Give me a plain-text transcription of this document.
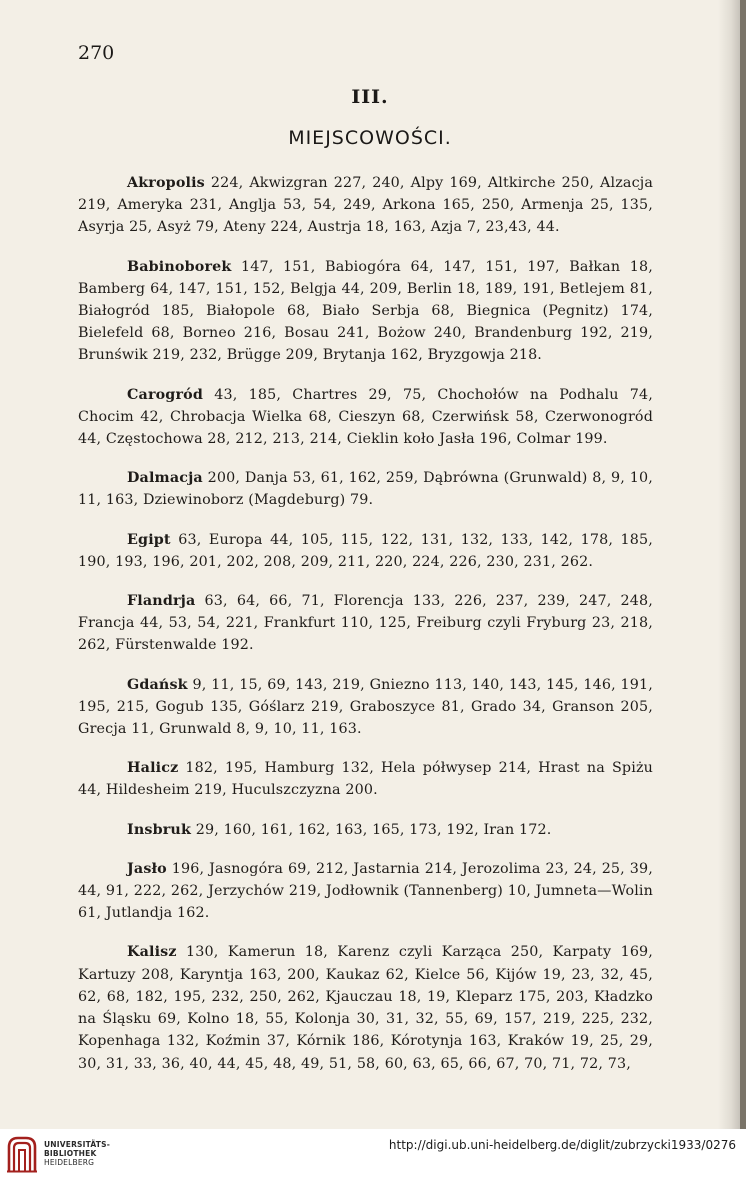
270
III.
MIEJSCOWOŚCI.

Akropolis 224, Akwizgran 227, 240, Alpy 169, Altkirche 250, Alzacja 219, Ameryka 231, Anglja 53, 54, 249, Arkona 165, 250, Armenja 25, 135, Asyrja 25, Asyż 79, Ateny 224, Austrja 18, 163, Azja 7, 23,43, 44.

Babinoborek 147, 151, Babiogóra 64, 147, 151, 197, Bałkan 18, Bamberg 64, 147, 151, 152, Belgja 44, 209, Berlin 18, 189, 191, Betlejem 81, Białogród 185, Białopole 68, Biało Serbja 68, Biegnica (Pegnitz) 174, Bielefeld 68, Borneo 216, Bosau 241, Bożow 240, Brandenburg 192, 219, Brunświk 219, 232, Brügge 209, Brytanja 162, Bryzgowja 218.

Carogród 43, 185, Chartres 29, 75, Chochołów na Podhalu 74, Chocim 42, Chrobacja Wielka 68, Cieszyn 68, Czerwińsk 58, Czerwonogród 44, Częstochowa 28, 212, 213, 214, Cieklin koło Jasła 196, Colmar 199.

Dalmacja 200, Danja 53, 61, 162, 259, Dąbrówna (Grunwald) 8, 9, 10, 11, 163, Dziewinoborz (Magdeburg) 79.

Egipt 63, Europa 44, 105, 115, 122, 131, 132, 133, 142, 178, 185, 190, 193, 196, 201, 202, 208, 209, 211, 220, 224, 226, 230, 231, 262.

Flandrja 63, 64, 66, 71, Florencja 133, 226, 237, 239, 247, 248, Francja 44, 53, 54, 221, Frankfurt 110, 125, Freiburg czyli Fryburg 23, 218, 262, Fürstenwalde 192.

Gdańsk 9, 11, 15, 69, 143, 219, Gniezno 113, 140, 143, 145, 146, 191, 195, 215, Gogub 135, Góślarz 219, Graboszyce 81, Grado 34, Granson 205, Grecja 11, Grunwald 8, 9, 10, 11, 163.

Halicz 182, 195, Hamburg 132, Hela półwysep 214, Hrast na Spiżu 44, Hildesheim 219, Huculszczyzna 200.

Insbruk 29, 160, 161, 162, 163, 165, 173, 192, Iran 172.

Jasło 196, Jasnogóra 69, 212, Jastarnia 214, Jerozolima 23, 24, 25, 39, 44, 91, 222, 262, Jerzychów 219, Jodłownik (Tannenberg) 10, Jumneta—Wolin 61, Jutlandja 162.

Kalisz 130, Kamerun 18, Karenz czyli Karząca 250, Karpaty 169, Kartuzy 208, Karyntja 163, 200, Kaukaz 62, Kielce 56, Kijów 19, 23, 32, 45, 62, 68, 182, 195, 232, 250, 262, Kjauczau 18, 19, Kleparz 175, 203, Kładzko na Śląsku 69, Kolno 18, 55, Kolonja 30, 31, 32, 55, 69, 157, 219, 225, 232, Kopenhaga 132, Koźmin 37, Kórnik 186, Kórotynja 163, Kraków 19, 25, 29, 30, 31, 33, 36, 40, 44, 45, 48, 49, 51, 58, 60, 63, 65, 66, 67, 70, 71, 72, 73,

UNIVERSITÄTS-
BIBLIOTHEK
HEIDELBERG
http://digi.ub.uni-heidelberg.de/diglit/zubrzycki1933/0276
